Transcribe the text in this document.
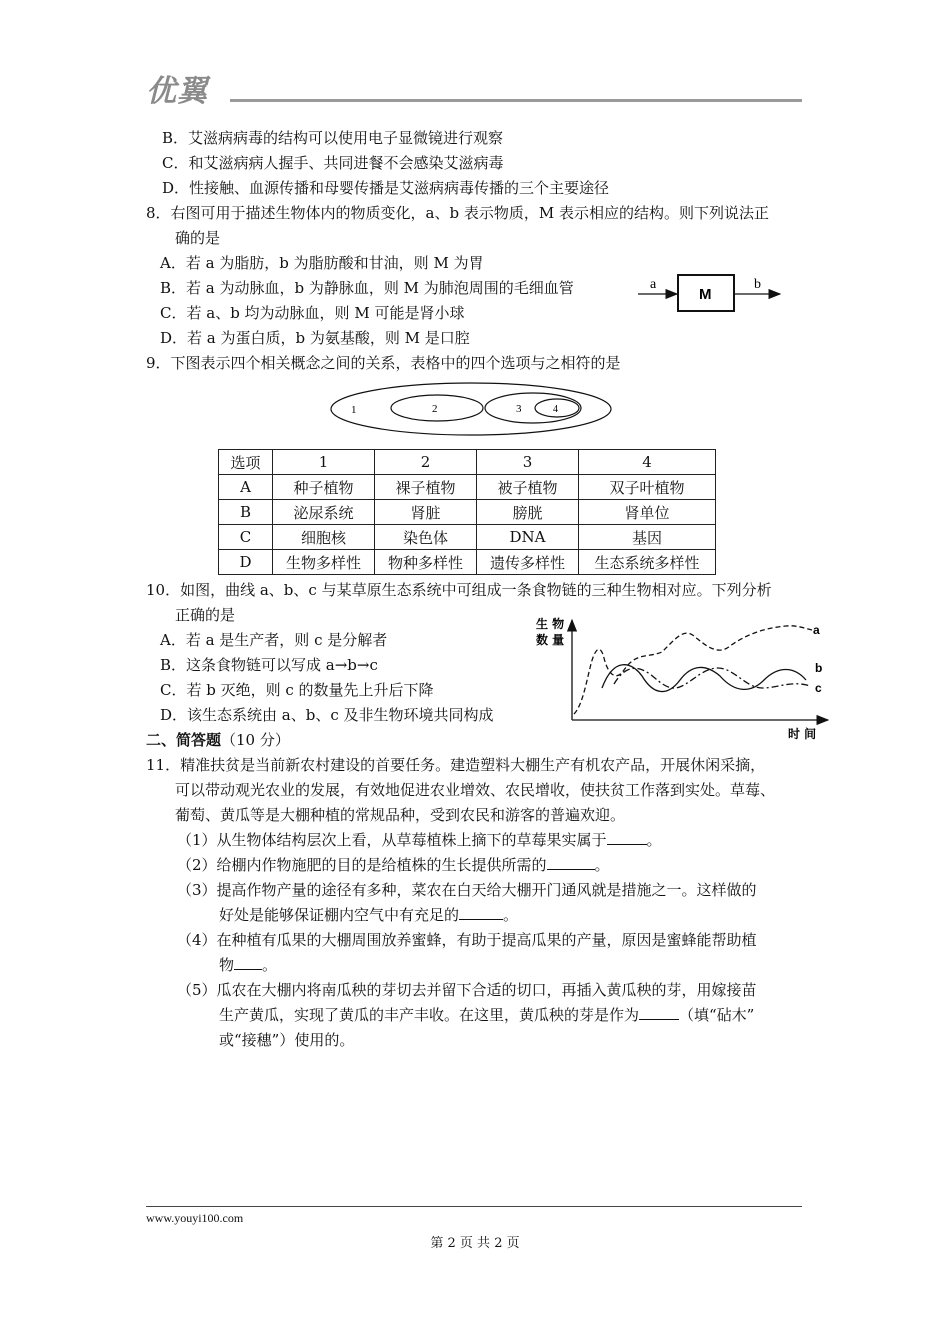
优翼
B．艾滋病病毒的结构可以使用电子显微镜进行观察
C．和艾滋病病人握手、共同进餐不会感染艾滋病毒
D．性接触、血源传播和母婴传播是艾滋病病毒传播的三个主要途径
8．右图可用于描述生物体内的物质变化，a、b 表示物质，M 表示相应的结构。则下列说法正
确的是
A．若 a 为脂肪，b 为脂肪酸和甘油，则 M 为胃
B．若 a 为动脉血，b 为静脉血，则 M 为肺泡周围的毛细血管
C．若 a、b 均为动脉血，则 M 可能是肾小球
D．若 a 为蛋白质，b 为氨基酸，则 M 是口腔
a
M
b
9．下图表示四个相关概念之间的关系，表格中的四个选项与之相符的是
1	2	3	4
选项	1	2	3	4
A	种子植物	裸子植物	被子植物	双子叶植物
B	泌尿系统	肾脏	膀胱	肾单位
C	细胞核	染色体	DNA	基因
D	生物多样性	物种多样性	遗传多样性	生态系统多样性
10．如图，曲线 a、b、c 与某草原生态系统中可组成一条食物链的三种生物相对应。下列分析
正确的是
A．若 a 是生产者，则 c 是分解者
B．这条食物链可以写成 a→b→c
C．若 b 灭绝，则 c 的数量先上升后下降
D．该生态系统由 a、b、c 及非生物环境共同构成
生 物
数 量
时 间
a
b
c
二、简答题（10 分）
11．精准扶贫是当前新农村建设的首要任务。建造塑料大棚生产有机农产品，开展休闲采摘，
可以带动观光农业的发展，有效地促进农业增效、农民增收，使扶贫工作落到实处。草莓、
葡萄、黄瓜等是大棚种植的常规品种，受到农民和游客的普遍欢迎。
（1）从生物体结构层次上看，从草莓植株上摘下的草莓果实属于	。
（2）给棚内作物施肥的目的是给植株的生长提供所需的	。
（3）提高作物产量的途径有多种，菜农在白天给大棚开门通风就是措施之一。这样做的
好处是能够保证棚内空气中有充足的	。
（4）在种植有瓜果的大棚周围放养蜜蜂，有助于提高瓜果的产量，原因是蜜蜂能帮助植
物 。
（5）瓜农在大棚内将南瓜秧的芽切去并留下合适的切口，再插入黄瓜秧的芽，用嫁接苗
生产黄瓜，实现了黄瓜的丰产丰收。在这里，黄瓜秧的芽是作为	（填“砧木”
或“接穗”）使用的。
www.youyi100.com
第 2 页 共 2 页
